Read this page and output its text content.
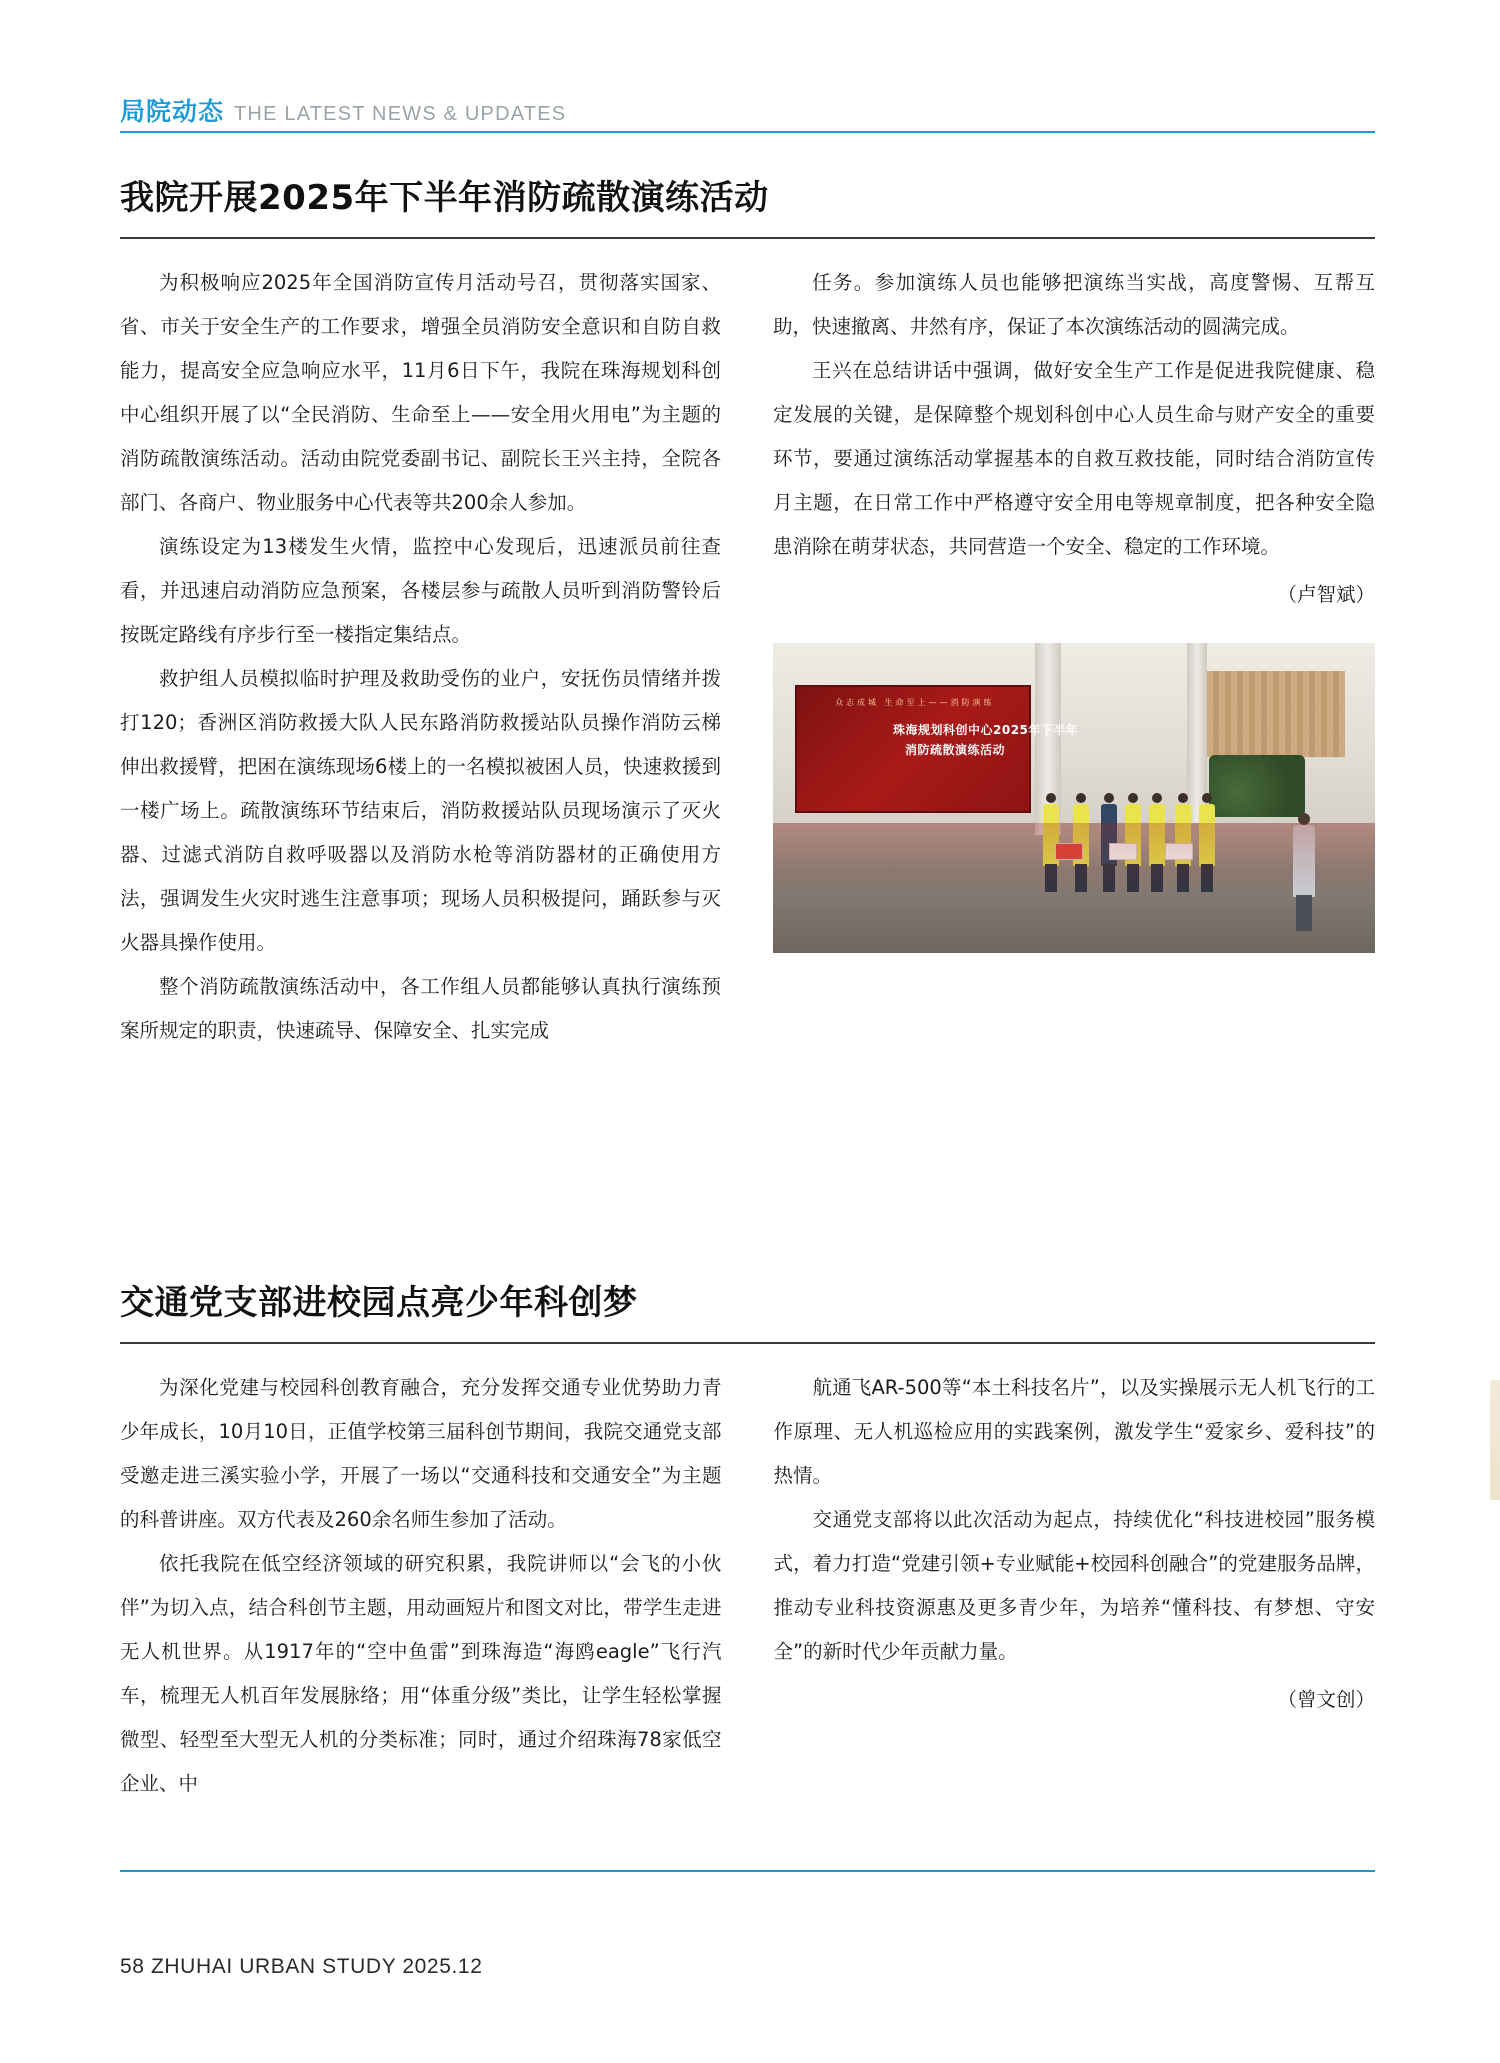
局院动态 THE LATEST NEWS & UPDATES
我院开展2025年下半年消防疏散演练活动

为积极响应2025年全国消防宣传月活动号召，贯彻落实国家、省、市关于安全生产的工作要求，增强全员消防安全意识和自防自救能力，提高安全应急响应水平，11月6日下午，我院在珠海规划科创中心组织开展了以“全民消防、生命至上——安全用火用电”为主题的消防疏散演练活动。活动由院党委副书记、副院长王兴主持，全院各部门、各商户、物业服务中心代表等共200余人参加。

演练设定为13楼发生火情，监控中心发现后，迅速派员前往查看，并迅速启动消防应急预案，各楼层参与疏散人员听到消防警铃后按既定路线有序步行至一楼指定集结点。

救护组人员模拟临时护理及救助受伤的业户，安抚伤员情绪并拨打120；香洲区消防救援大队人民东路消防救援站队员操作消防云梯伸出救援臂，把困在演练现场6楼上的一名模拟被困人员，快速救援到一楼广场上。疏散演练环节结束后，消防救援站队员现场演示了灭火器、过滤式消防自救呼吸器以及消防水枪等消防器材的正确使用方法，强调发生火灾时逃生注意事项；现场人员积极提问，踊跃参与灭火器具操作使用。

整个消防疏散演练活动中，各工作组人员都能够认真执行演练预案所规定的职责，快速疏导、保障安全、扎实完成

任务。参加演练人员也能够把演练当实战，高度警惕、互帮互助，快速撤离、井然有序，保证了本次演练活动的圆满完成。

王兴在总结讲话中强调，做好安全生产工作是促进我院健康、稳定发展的关键，是保障整个规划科创中心人员生命与财产安全的重要环节，要通过演练活动掌握基本的自救互救技能，同时结合消防宣传月主题，在日常工作中严格遵守安全用电等规章制度，把各种安全隐患消除在萌芽状态，共同营造一个安全、稳定的工作环境。

（卢智斌）
众志成城 生命至上——消防演练
珠海规划科创中心2025年下半年
消防疏散演练活动
交通党支部进校园点亮少年科创梦

为深化党建与校园科创教育融合，充分发挥交通专业优势助力青少年成长，10月10日，正值学校第三届科创节期间，我院交通党支部受邀走进三溪实验小学，开展了一场以“交通科技和交通安全”为主题的科普讲座。双方代表及260余名师生参加了活动。

依托我院在低空经济领域的研究积累，我院讲师以“会飞的小伙伴”为切入点，结合科创节主题，用动画短片和图文对比，带学生走进无人机世界。从1917年的“空中鱼雷”到珠海造“海鸥eagle”飞行汽车，梳理无人机百年发展脉络；用“体重分级”类比，让学生轻松掌握微型、轻型至大型无人机的分类标准；同时，通过介绍珠海78家低空企业、中

航通飞AR-500等“本土科技名片”，以及实操展示无人机飞行的工作原理、无人机巡检应用的实践案例，激发学生“爱家乡、爱科技”的热情。

交通党支部将以此次活动为起点，持续优化“科技进校园”服务模式，着力打造“党建引领+专业赋能+校园科创融合”的党建服务品牌，推动专业科技资源惠及更多青少年，为培养“懂科技、有梦想、守安全”的新时代少年贡献力量。

（曾文创）
58 ZHUHAI URBAN STUDY 2025.12
